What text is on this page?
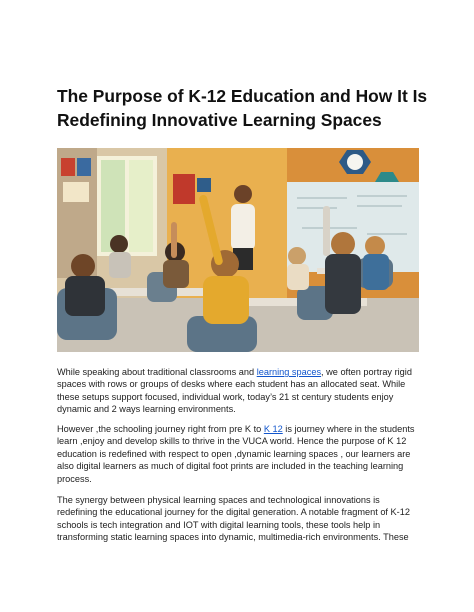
The Purpose of K-12 Education and How It Is
Redefining Innovative Learning Spaces

While speaking about traditional classrooms and learning spaces, we often portray rigid
spaces with rows or groups of desks where each student has an allocated seat. While
these setups support focused, individual work, today’s 21 st century students enjoy
dynamic and 2 ways learning environments.

However ,the schooling journey right from pre K to K 12 is journey where in the students
learn ,enjoy and develop skills to thrive in the VUCA world. Hence the purpose of K 12
education is redefined with respect to open ,dynamic learning spaces , our learners are
also digital learners as much of digital foot prints are included in the teaching learning
process.

The synergy between physical learning spaces and technological innovations is
redefining the educational journey for the digital generation. A notable fragment of K-12
schools is tech integration and IOT with digital learning tools, these tools help in
transforming static learning spaces into dynamic, multimedia-rich environments. These
